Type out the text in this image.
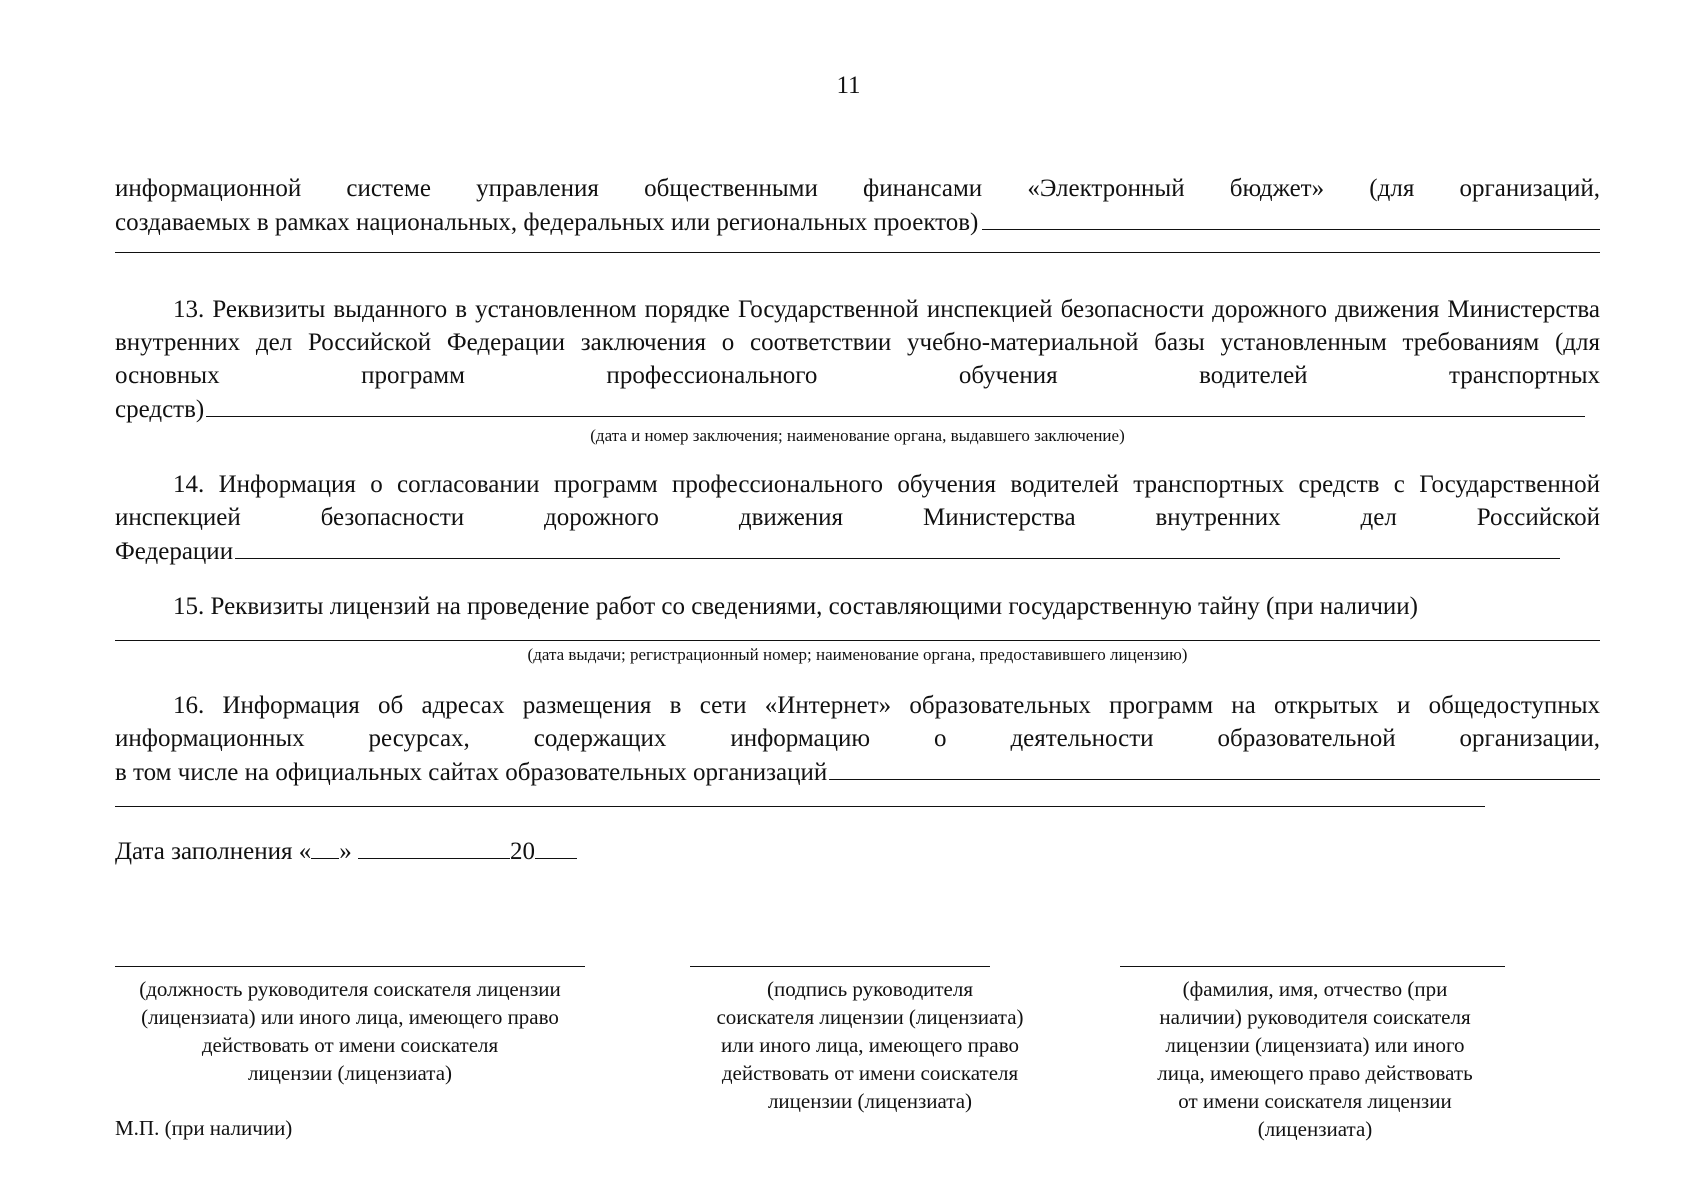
11

информационной системе управления общественными финансами «Электронный бюджет» (для организаций,

создаваемых в рамках национальных, федеральных или региональных проектов)

13. Реквизиты выданного в установленном порядке Государственной инспекцией безопасности дорожного движения Министерства внутренних дел Российской Федерации заключения о соответствии учебно-материальной базы установленным требованиям (для основных программ профессионального обучения водителей транспортных

средств)
(дата и номер заключения; наименование органа, выдавшего заключение)

14. Информация о согласовании программ профессионального обучения водителей транспортных средств с Государственной инспекцией безопасности дорожного движения Министерства внутренних дел Российской

Федерации

15. Реквизиты лицензий на проведение работ со сведениями, составляющими государственную тайну (при наличии)

(дата выдачи; регистрационный номер; наименование органа, предоставившего лицензию)

16. Информация об адресах размещения в сети «Интернет» образовательных программ на открытых и общедоступных информационных ресурсах, содержащих информацию о деятельности образовательной организации,

в том числе на официальных сайтах образовательных организаций
Дата заполнения « »	20
(должность руководителя соискателя лицензии
(лицензиата) или иного лица, имеющего право
действовать от имени соискателя
лицензии (лицензиата)
(подпись руководителя
соискателя лицензии (лицензиата)
или иного лица, имеющего право
действовать от имени соискателя
лицензии (лицензиата)
(фамилия, имя, отчество (при
наличии) руководителя соискателя
лицензии (лицензиата) или иного
лица, имеющего право действовать
от имени соискателя лицензии
(лицензиата)
М.П. (при наличии)
